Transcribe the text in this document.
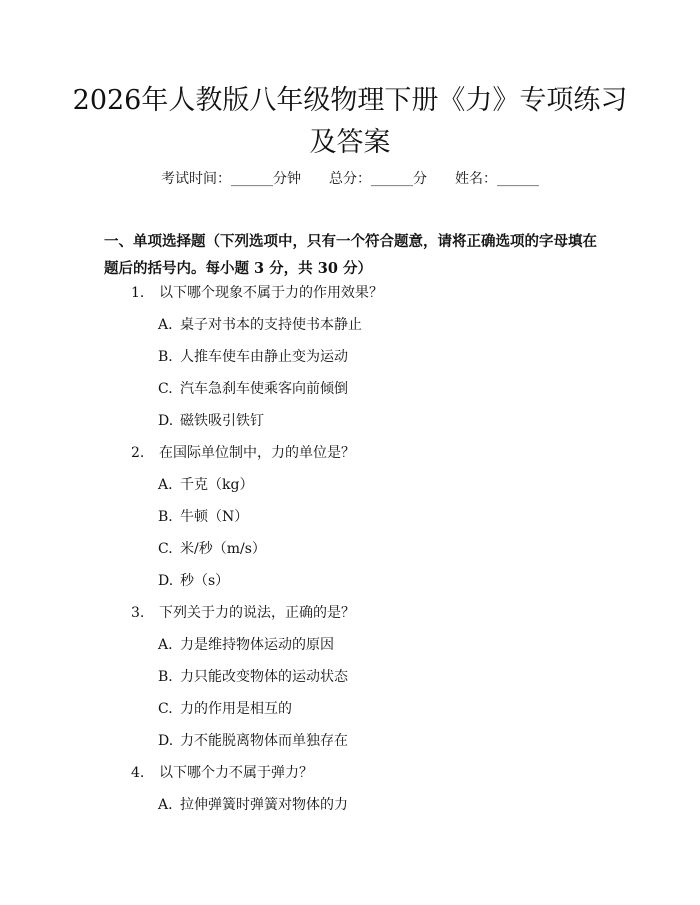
2026年人教版八年级物理下册《力》专项练习及答案
考试时间：______分钟 总分：______分 姓名：______

一、单项选择题（下列选项中，只有一个符合题意，请将正确选项的字母填在题后的括号内。每小题 3 分，共 30 分）

1. 以下哪个现象不属于力的作用效果？
A. 桌子对书本的支持使书本静止
B. 人推车使车由静止变为运动
C. 汽车急刹车使乘客向前倾倒
D. 磁铁吸引铁钉
2. 在国际单位制中，力的单位是？
A. 千克（kg）
B. 牛顿（N）
C. 米/秒（m/s）
D. 秒（s）
3. 下列关于力的说法，正确的是？
A. 力是维持物体运动的原因
B. 力只能改变物体的运动状态
C. 力的作用是相互的
D. 力不能脱离物体而单独存在
4. 以下哪个力不属于弹力？
A. 拉伸弹簧时弹簧对物体的力
